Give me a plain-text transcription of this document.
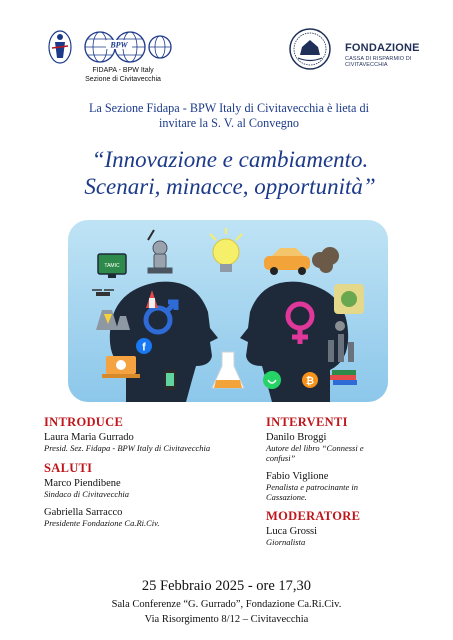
BPW
FIDAPA - BPW Italy
Sezione di Civitavecchia
FONDAZIONE
CASSA DI RISPARMIO DI CIVITAVECCHIA
La Sezione Fidapa - BPW Italy di Civitavecchia è lieta di
invitare la S. V. al Convegno
“Innovazione e cambiamento.
Scenari, minacce, opportunità”
TAMIC
f
₿
INTRODUCE
Laura Maria Gurrado
Presid. Sez. Fidapa - BPW Italy di Civitavecchia
SALUTI
Marco Piendibene
Sindaco di Civitavecchia
Gabriella Sarracco
Presidente Fondazione Ca.Ri.Civ.
INTERVENTI
Danilo Broggi
Autore del libro “Connessi e
confusi”
Fabio Viglione
Penalista e patrocinante in
Cassazione.
MODERATORE
Luca Grossi
Giornalista
25 Febbraio 2025 - ore 17,30
Sala Conferenze “G. Gurrado”, Fondazione Ca.Ri.Civ.
Via Risorgimento 8/12 – Civitavecchia
